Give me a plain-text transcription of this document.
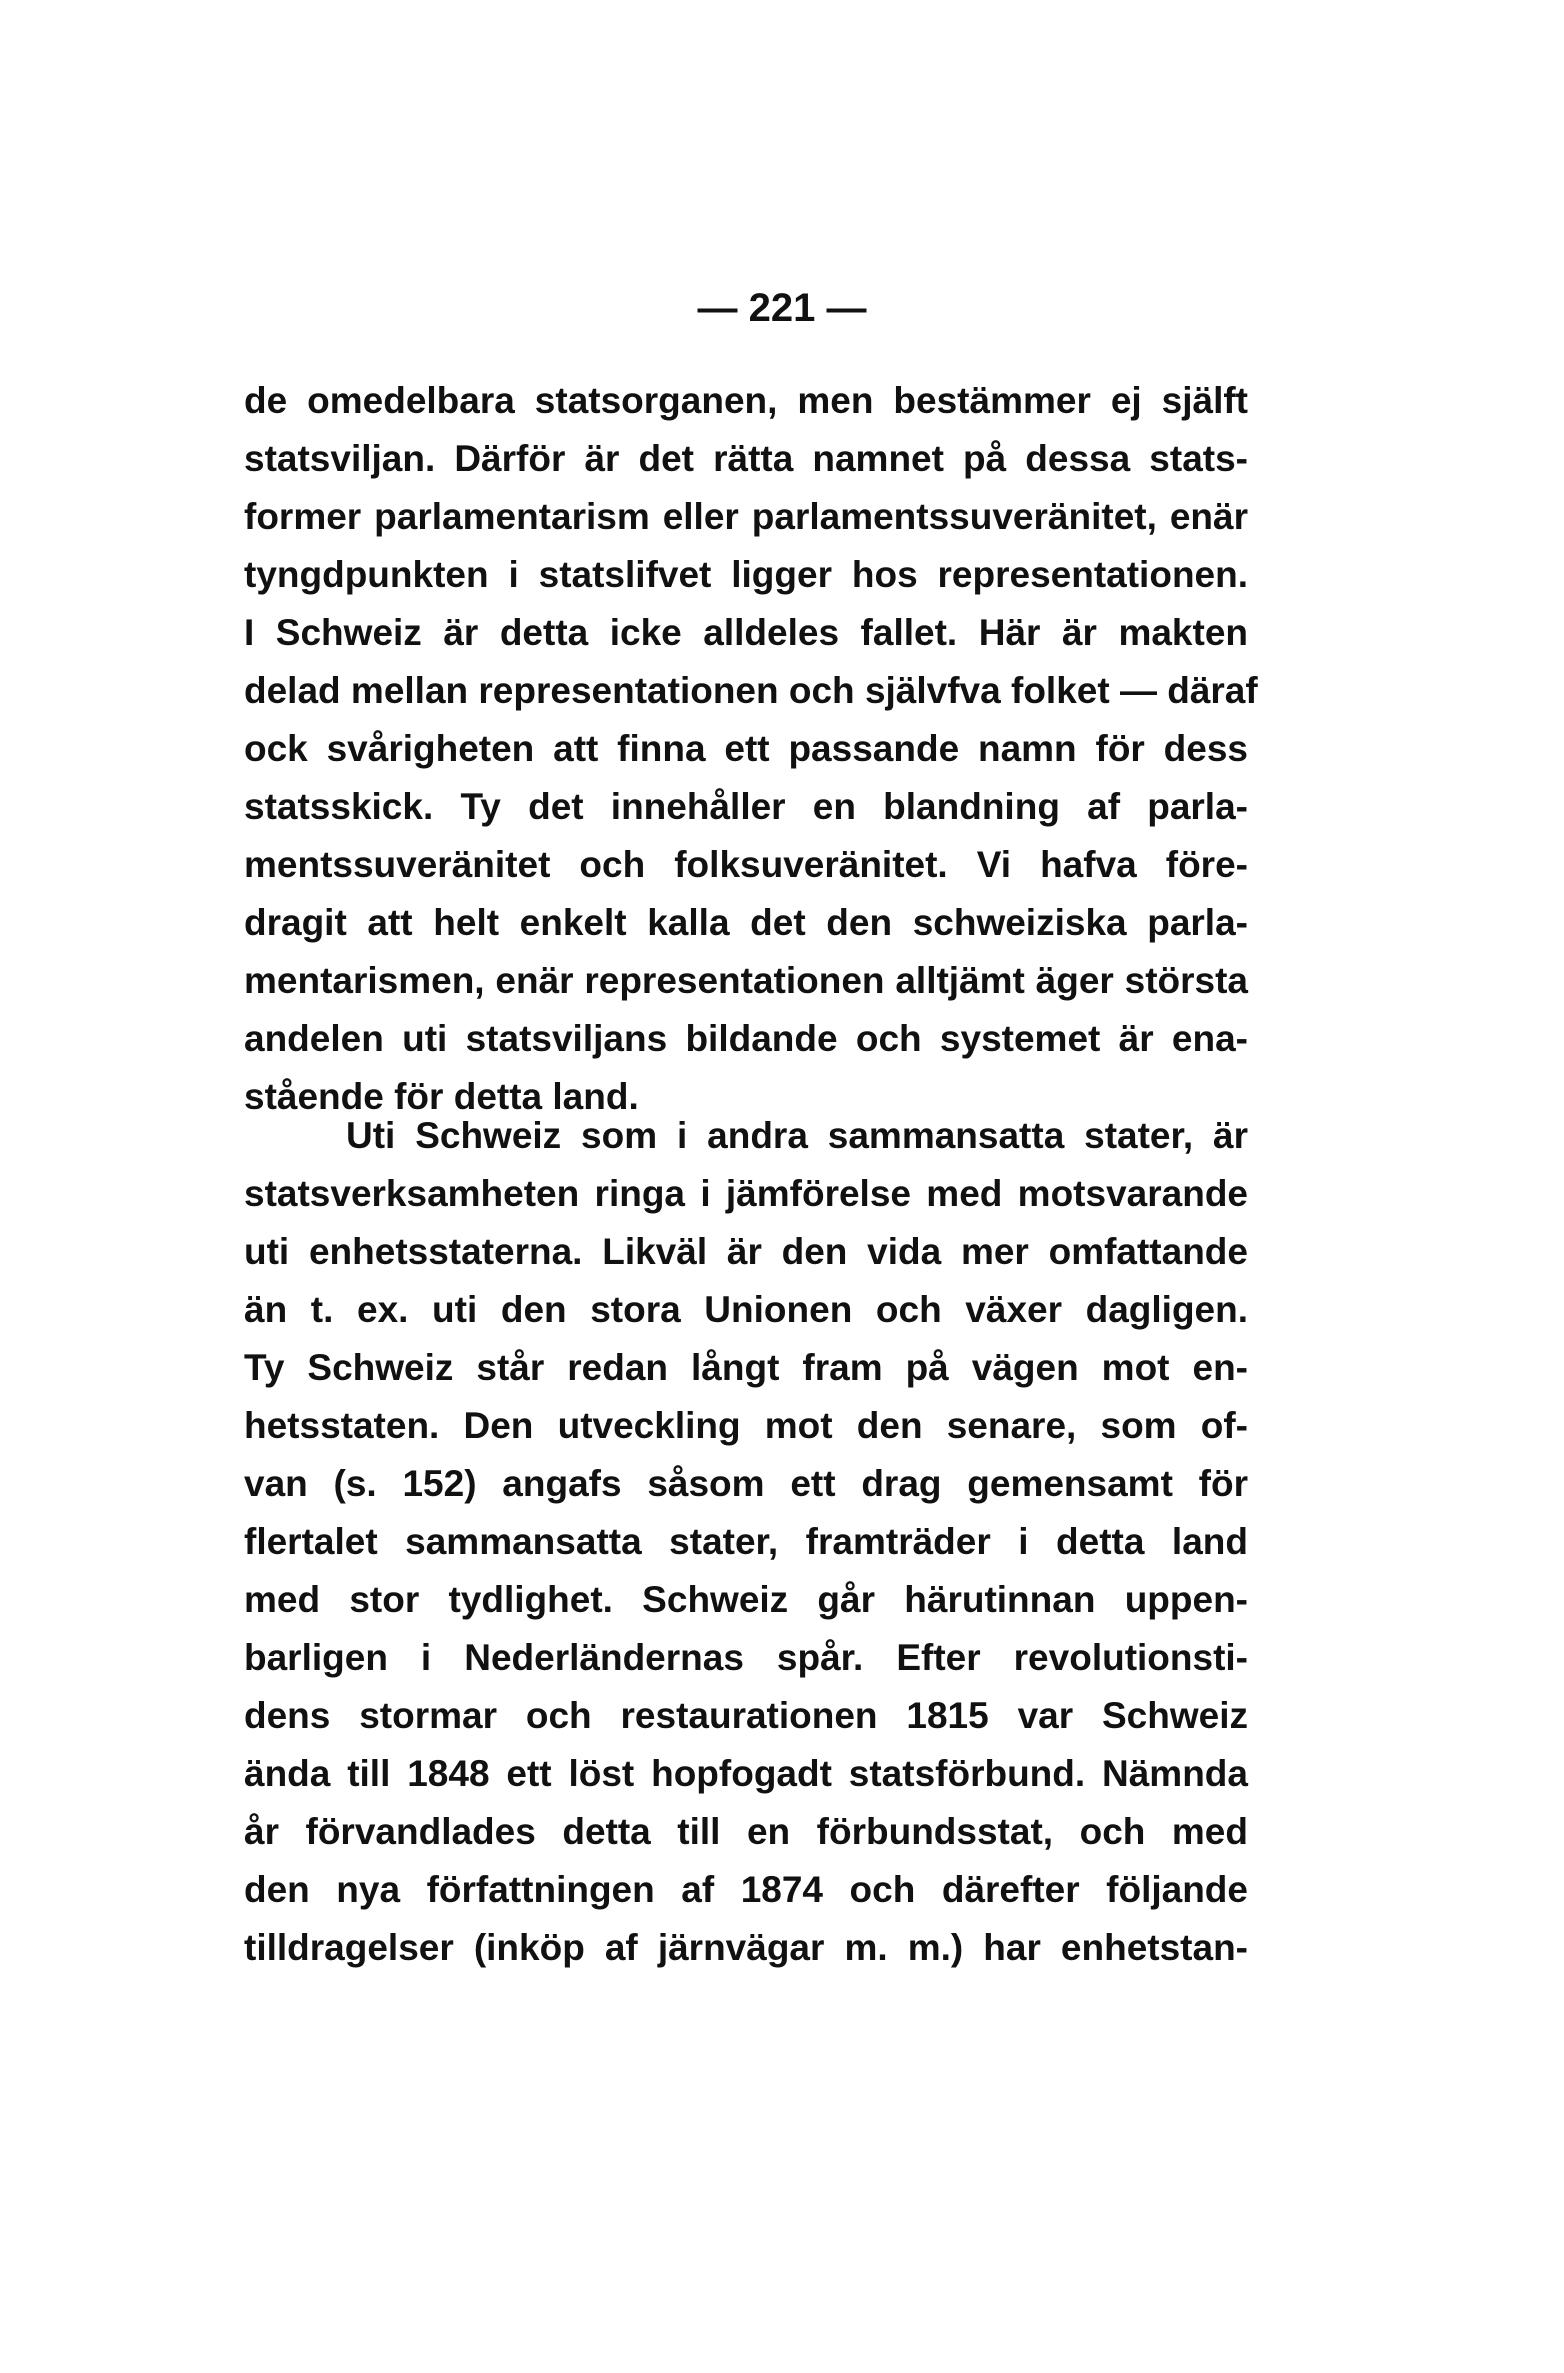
— 221 —
de omedelbara statsorganen, men bestämmer ej själft
statsviljan. Därför är det rätta namnet på dessa stats-
former parlamentarism eller parlamentssuveränitet, enär
tyngdpunkten i statslifvet ligger hos representationen.
I Schweiz är detta icke alldeles fallet. Här är makten
delad mellan representationen och självfva folket — däraf
ock svårigheten att finna ett passande namn för dess
statsskick. Ty det innehåller en blandning af parla-
mentssuveränitet och folksuveränitet. Vi hafva före-
dragit att helt enkelt kalla det den schweiziska parla-
mentarismen, enär representationen alltjämt äger största
andelen uti statsviljans bildande och systemet är ena-
stående för detta land.
Uti Schweiz som i andra sammansatta stater, är
statsverksamheten ringa i jämförelse med motsvarande
uti enhetsstaterna. Likväl är den vida mer omfattande
än t. ex. uti den stora Unionen och växer dagligen.
Ty Schweiz står redan långt fram på vägen mot en-
hetsstaten. Den utveckling mot den senare, som of-
van (s. 152) angafs såsom ett drag gemensamt för
flertalet sammansatta stater, framträder i detta land
med stor tydlighet. Schweiz går härutinnan uppen-
barligen i Nederländernas spår. Efter revolutionsti-
dens stormar och restaurationen 1815 var Schweiz
ända till 1848 ett löst hopfogadt statsförbund. Nämnda
år förvandlades detta till en förbundsstat, och med
den nya författningen af 1874 och därefter följande
tilldragelser (inköp af järnvägar m. m.) har enhetstan-
